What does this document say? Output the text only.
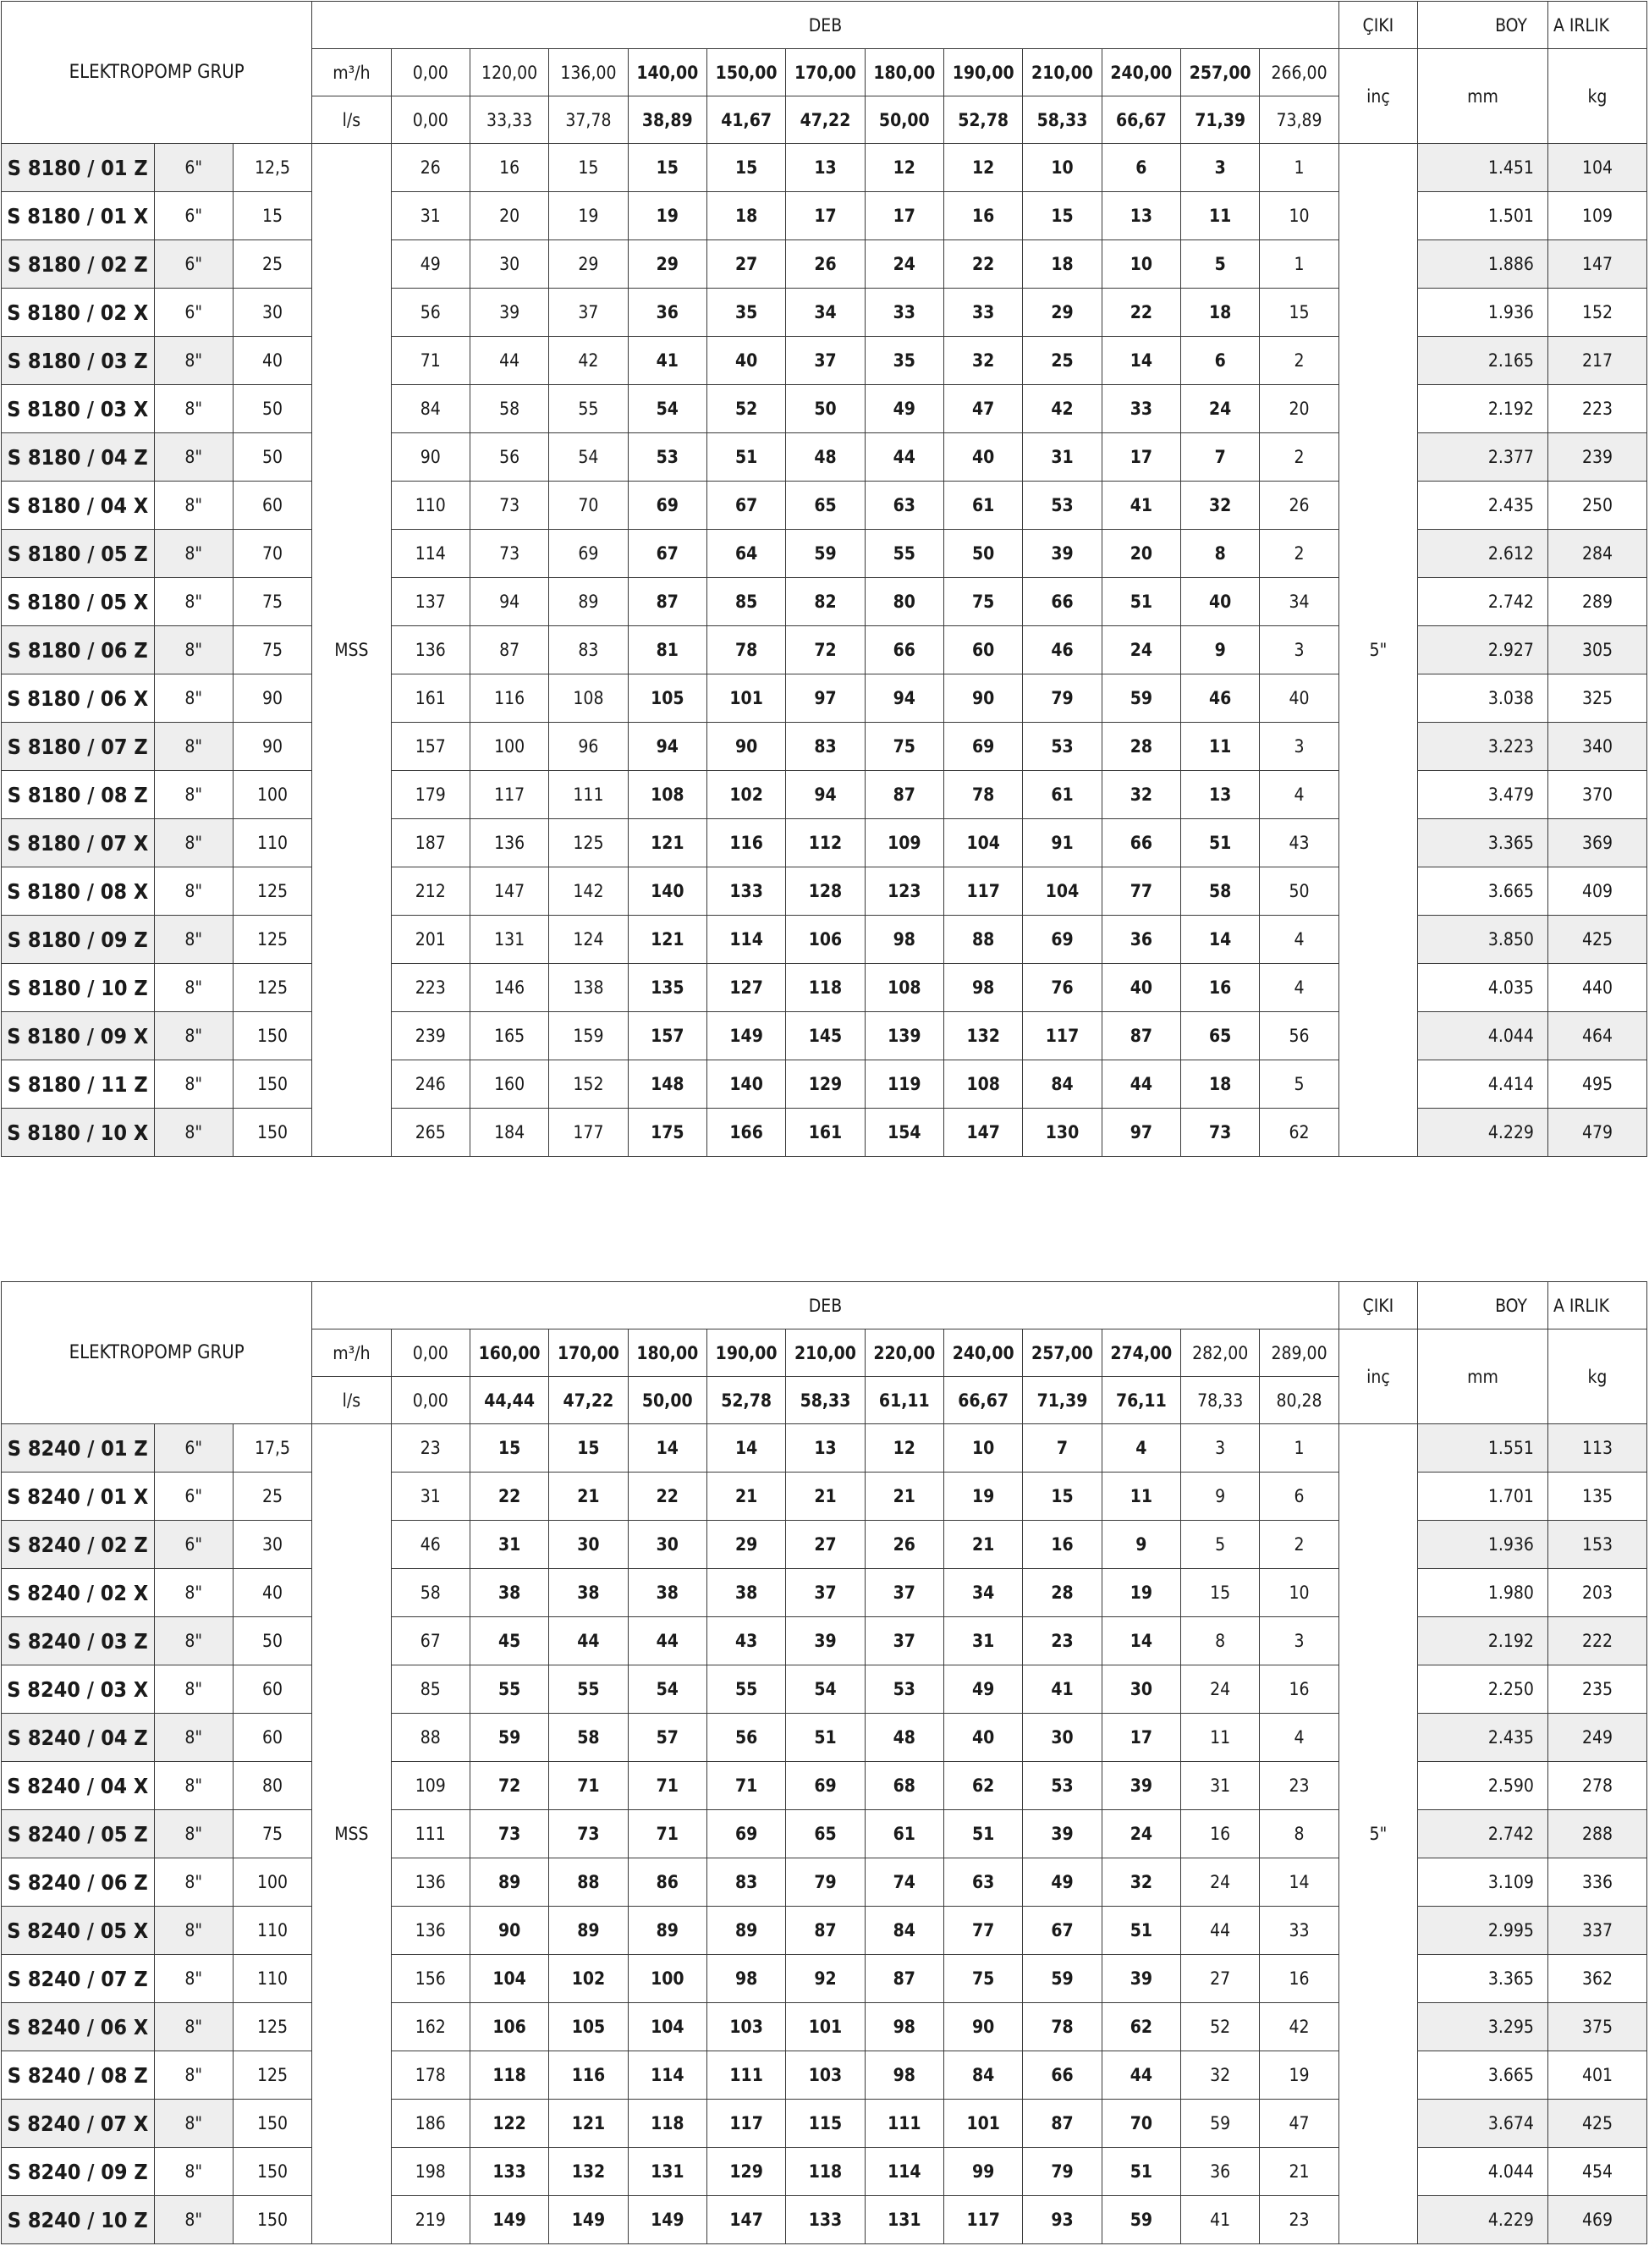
ELEKTROPOMP GRUP			DEB													ÇIKI	BOY	A IRLIK
			m³/h	0,00	120,00	136,00	140,00	150,00	170,00	180,00	190,00	210,00	240,00	257,00	266,00	inç	mm	kg
			l/s	0,00	33,33	37,78	38,89	41,67	47,22	50,00	52,78	58,33	66,67	71,39	73,89			
S 8180 / 01 Z	6"	12,5	MSS	26	16	15	15	15	13	12	12	10	6	3	1	5"	1.451	104
S 8180 / 01 X	6"	15		31	20	19	19	18	17	17	16	15	13	11	10		1.501	109
S 8180 / 02 Z	6"	25		49	30	29	29	27	26	24	22	18	10	5	1		1.886	147
S 8180 / 02 X	6"	30		56	39	37	36	35	34	33	33	29	22	18	15		1.936	152
S 8180 / 03 Z	8"	40		71	44	42	41	40	37	35	32	25	14	6	2		2.165	217
S 8180 / 03 X	8"	50		84	58	55	54	52	50	49	47	42	33	24	20		2.192	223
S 8180 / 04 Z	8"	50		90	56	54	53	51	48	44	40	31	17	7	2		2.377	239
S 8180 / 04 X	8"	60		110	73	70	69	67	65	63	61	53	41	32	26		2.435	250
S 8180 / 05 Z	8"	70		114	73	69	67	64	59	55	50	39	20	8	2		2.612	284
S 8180 / 05 X	8"	75		137	94	89	87	85	82	80	75	66	51	40	34		2.742	289
S 8180 / 06 Z	8"	75		136	87	83	81	78	72	66	60	46	24	9	3		2.927	305
S 8180 / 06 X	8"	90		161	116	108	105	101	97	94	90	79	59	46	40		3.038	325
S 8180 / 07 Z	8"	90		157	100	96	94	90	83	75	69	53	28	11	3		3.223	340
S 8180 / 08 Z	8"	100		179	117	111	108	102	94	87	78	61	32	13	4		3.479	370
S 8180 / 07 X	8"	110		187	136	125	121	116	112	109	104	91	66	51	43		3.365	369
S 8180 / 08 X	8"	125		212	147	142	140	133	128	123	117	104	77	58	50		3.665	409
S 8180 / 09 Z	8"	125		201	131	124	121	114	106	98	88	69	36	14	4		3.850	425
S 8180 / 10 Z	8"	125		223	146	138	135	127	118	108	98	76	40	16	4		4.035	440
S 8180 / 09 X	8"	150		239	165	159	157	149	145	139	132	117	87	65	56		4.044	464
S 8180 / 11 Z	8"	150		246	160	152	148	140	129	119	108	84	44	18	5		4.414	495
S 8180 / 10 X	8"	150		265	184	177	175	166	161	154	147	130	97	73	62		4.229	479
ELEKTROPOMP GRUP			DEB													ÇIKI	BOY	A IRLIK
			m³/h	0,00	160,00	170,00	180,00	190,00	210,00	220,00	240,00	257,00	274,00	282,00	289,00	inç	mm	kg
			l/s	0,00	44,44	47,22	50,00	52,78	58,33	61,11	66,67	71,39	76,11	78,33	80,28			
S 8240 / 01 Z	6"	17,5	MSS	23	15	15	14	14	13	12	10	7	4	3	1	5"	1.551	113
S 8240 / 01 X	6"	25		31	22	21	22	21	21	21	19	15	11	9	6		1.701	135
S 8240 / 02 Z	6"	30		46	31	30	30	29	27	26	21	16	9	5	2		1.936	153
S 8240 / 02 X	8"	40		58	38	38	38	38	37	37	34	28	19	15	10		1.980	203
S 8240 / 03 Z	8"	50		67	45	44	44	43	39	37	31	23	14	8	3		2.192	222
S 8240 / 03 X	8"	60		85	55	55	54	55	54	53	49	41	30	24	16		2.250	235
S 8240 / 04 Z	8"	60		88	59	58	57	56	51	48	40	30	17	11	4		2.435	249
S 8240 / 04 X	8"	80		109	72	71	71	71	69	68	62	53	39	31	23		2.590	278
S 8240 / 05 Z	8"	75		111	73	73	71	69	65	61	51	39	24	16	8		2.742	288
S 8240 / 06 Z	8"	100		136	89	88	86	83	79	74	63	49	32	24	14		3.109	336
S 8240 / 05 X	8"	110		136	90	89	89	89	87	84	77	67	51	44	33		2.995	337
S 8240 / 07 Z	8"	110		156	104	102	100	98	92	87	75	59	39	27	16		3.365	362
S 8240 / 06 X	8"	125		162	106	105	104	103	101	98	90	78	62	52	42		3.295	375
S 8240 / 08 Z	8"	125		178	118	116	114	111	103	98	84	66	44	32	19		3.665	401
S 8240 / 07 X	8"	150		186	122	121	118	117	115	111	101	87	70	59	47		3.674	425
S 8240 / 09 Z	8"	150		198	133	132	131	129	118	114	99	79	51	36	21		4.044	454
S 8240 / 10 Z	8"	150		219	149	149	149	147	133	131	117	93	59	41	23		4.229	469
